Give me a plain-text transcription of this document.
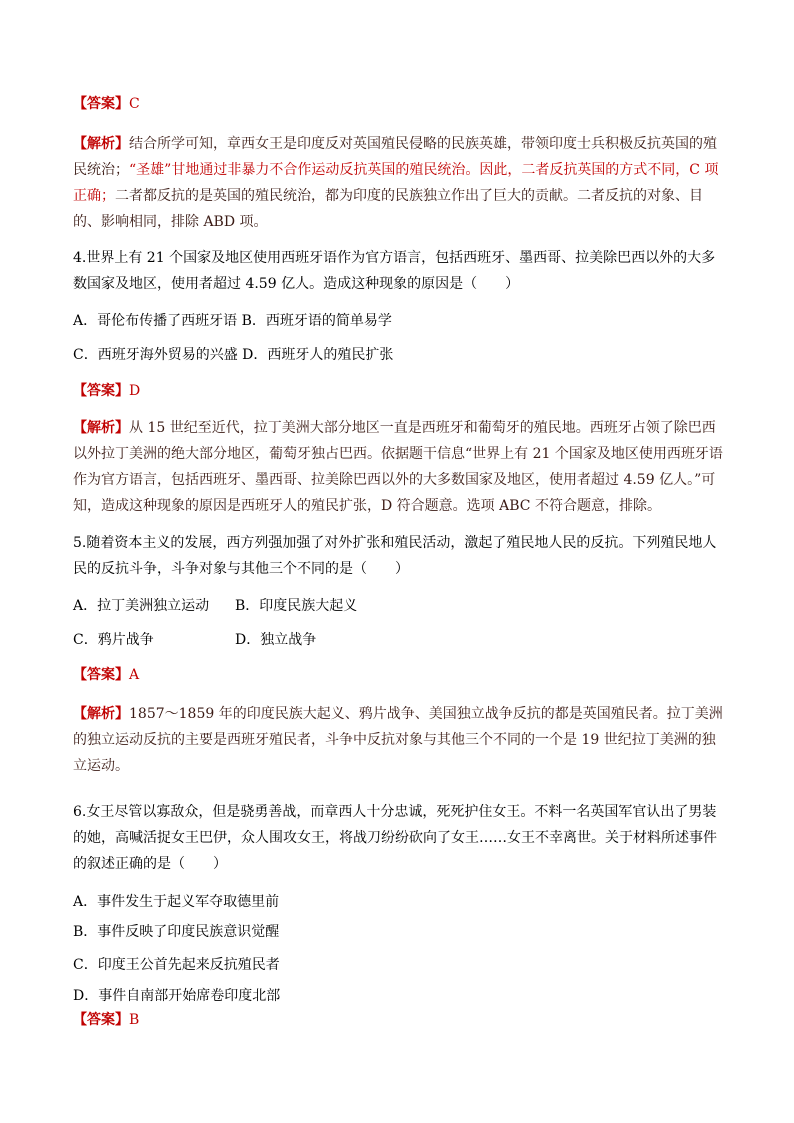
【答案】C
【解析】结合所学可知，章西女王是印度反对英国殖民侵略的民族英雄，带领印度士兵积极反抗英国的殖民统治；“圣雄”甘地通过非暴力不合作运动反抗英国的殖民统治。因此，二者反抗英国的方式不同，C 项正确；二者都反抗的是英国的殖民统治，都为印度的民族独立作出了巨大的贡献。二者反抗的对象、目的、影响相同，排除 ABD 项。
4.世界上有 21 个国家及地区使用西班牙语作为官方语言，包括西班牙、墨西哥、拉美除巴西以外的大多数国家及地区，使用者超过 4.59 亿人。造成这种现象的原因是（　　）
A．哥伦布传播了西班牙语 B．西班牙语的简单易学
C．西班牙海外贸易的兴盛 D．西班牙人的殖民扩张
【答案】D
【解析】从 15 世纪至近代，拉丁美洲大部分地区一直是西班牙和葡萄牙的殖民地。西班牙占领了除巴西以外拉丁美洲的绝大部分地区，葡萄牙独占巴西。依据题干信息“世界上有 21 个国家及地区使用西班牙语作为官方语言，包括西班牙、墨西哥、拉美除巴西以外的大多数国家及地区，使用者超过 4.59 亿人。”可知，造成这种现象的原因是西班牙人的殖民扩张，D 符合题意。选项 ABC 不符合题意，排除。
5.随着资本主义的发展，西方列强加强了对外扩张和殖民活动，激起了殖民地人民的反抗。下列殖民地人民的反抗斗争，斗争对象与其他三个不同的是（　　）
A．拉丁美洲独立运动 B．印度民族大起义
C．鸦片战争	D．独立战争
【答案】A
【解析】1857～1859 年的印度民族大起义、鸦片战争、美国独立战争反抗的都是英国殖民者。拉丁美洲的独立运动反抗的主要是西班牙殖民者，斗争中反抗对象与其他三个不同的一个是 19 世纪拉丁美洲的独立运动。
6.女王尽管以寡敌众，但是骁勇善战，而章西人十分忠诚，死死护住女王。不料一名英国军官认出了男装的她，高喊活捉女王巴伊，众人围攻女王，将战刀纷纷砍向了女王……女王不幸离世。关于材料所述事件的叙述正确的是（　　）
A．事件发生于起义军夺取德里前
B．事件反映了印度民族意识觉醒
C．印度王公首先起来反抗殖民者
D．事件自南部开始席卷印度北部
【答案】B
